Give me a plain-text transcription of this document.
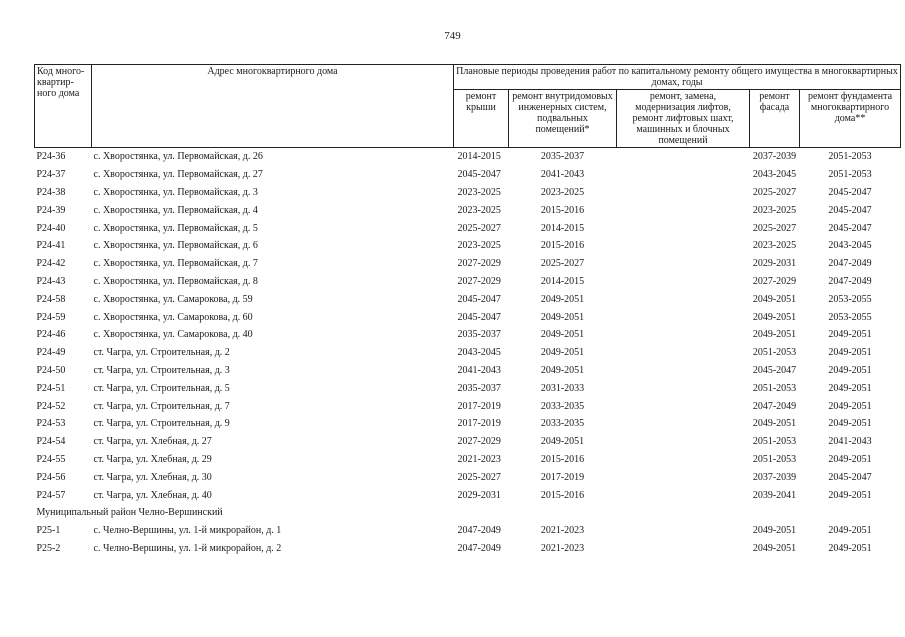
749
Код много-квартир-ного дома	Адрес многоквартирного дома	Плановые периоды проведения работ по капитальному ремонту общего имущества в многоквартирных домах, годы				
		ремонт крыши	ремонт внутридомовых инженерных систем, подвальных помещений*	ремонт, замена, модернизация лифтов, ремонт лифтовых шахт, машинных и блочных помещений	ремонт фасада	ремонт фундамента многоквартирного дома**
Р24-36	с. Хворостянка, ул. Первомайская, д. 26	2014-2015	2035-2037		2037-2039	2051-2053
Р24-37	с. Хворостянка, ул. Первомайская, д. 27	2045-2047	2041-2043		2043-2045	2051-2053
Р24-38	с. Хворостянка, ул. Первомайская, д. 3	2023-2025	2023-2025		2025-2027	2045-2047
Р24-39	с. Хворостянка, ул. Первомайская, д. 4	2023-2025	2015-2016		2023-2025	2045-2047
Р24-40	с. Хворостянка, ул. Первомайская, д. 5	2025-2027	2014-2015		2025-2027	2045-2047
Р24-41	с. Хворостянка, ул. Первомайская, д. 6	2023-2025	2015-2016		2023-2025	2043-2045
Р24-42	с. Хворостянка, ул. Первомайская, д. 7	2027-2029	2025-2027		2029-2031	2047-2049
Р24-43	с. Хворостянка, ул. Первомайская, д. 8	2027-2029	2014-2015		2027-2029	2047-2049
Р24-58	с. Хворостянка, ул. Самарокова, д. 59	2045-2047	2049-2051		2049-2051	2053-2055
Р24-59	с. Хворостянка, ул. Самарокова, д. 60	2045-2047	2049-2051		2049-2051	2053-2055
Р24-46	с. Хворостянка, ул. Самарокова, д. 40	2035-2037	2049-2051		2049-2051	2049-2051
Р24-49	ст. Чагра, ул. Строительная, д. 2	2043-2045	2049-2051		2051-2053	2049-2051
Р24-50	ст. Чагра, ул. Строительная, д. 3	2041-2043	2049-2051		2045-2047	2049-2051
Р24-51	ст. Чагра, ул. Строительная, д. 5	2035-2037	2031-2033		2051-2053	2049-2051
Р24-52	ст. Чагра, ул. Строительная, д. 7	2017-2019	2033-2035		2047-2049	2049-2051
Р24-53	ст. Чагра, ул. Строительная, д. 9	2017-2019	2033-2035		2049-2051	2049-2051
Р24-54	ст. Чагра, ул. Хлебная, д. 27	2027-2029	2049-2051		2051-2053	2041-2043
Р24-55	ст. Чагра, ул. Хлебная, д. 29	2021-2023	2015-2016		2051-2053	2049-2051
Р24-56	ст. Чагра, ул. Хлебная, д. 30	2025-2027	2017-2019		2037-2039	2045-2047
Р24-57	ст. Чагра, ул. Хлебная, д. 40	2029-2031	2015-2016		2039-2041	2049-2051
Муниципальный район Челно-Вершинский						
Р25-1	с. Челно-Вершины, ул. 1-й микрорайон, д. 1	2047-2049	2021-2023		2049-2051	2049-2051
Р25-2	с. Челно-Вершины, ул. 1-й микрорайон, д. 2	2047-2049	2021-2023		2049-2051	2049-2051
